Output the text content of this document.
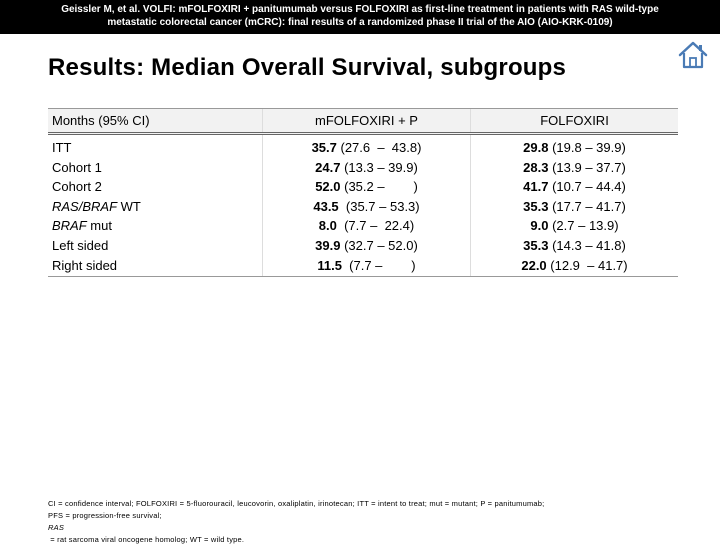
Geissler M, et al. VOLFI: mFOLFOXIRI + panitumumab versus FOLFOXIRI as first-line treatment in patients with RAS wild-type
metastatic colorectal cancer (mCRC): final results of a randomized phase II trial of the AIO (AIO-KRK-0109)
Results: Median Overall Survival, subgroups
Months (95% CI)	mFOLFOXIRI + P	FOLFOXIRI
ITT	35.7 (27.6  –  43.8)	29.8 (19.8 – 39.9)
Cohort 1	24.7 (13.3 – 39.9)	28.3 (13.9 – 37.7)
Cohort 2	52.0 (35.2 –        )	41.7 (10.7 – 44.4)
RAS/BRAF WT	43.5  (35.7 – 53.3)	35.3 (17.7 – 41.7)
BRAF mut	8.0  (7.7 –  22.4)	9.0 (2.7 – 13.9)
Left sided	39.9 (32.7 – 52.0)	35.3 (14.3 – 41.8)
Right sided	11.5  (7.7 –        )	22.0 (12.9  – 41.7)
CI = confidence interval; FOLFOXIRI = 5-fluorouracil, leucovorin, oxaliplatin, irinotecan; ITT = intent to treat; mut = mutant; P = panitumumab;
PFS = progression-free survival;
RAS
= rat sarcoma viral oncogene homolog; WT = wild type.
